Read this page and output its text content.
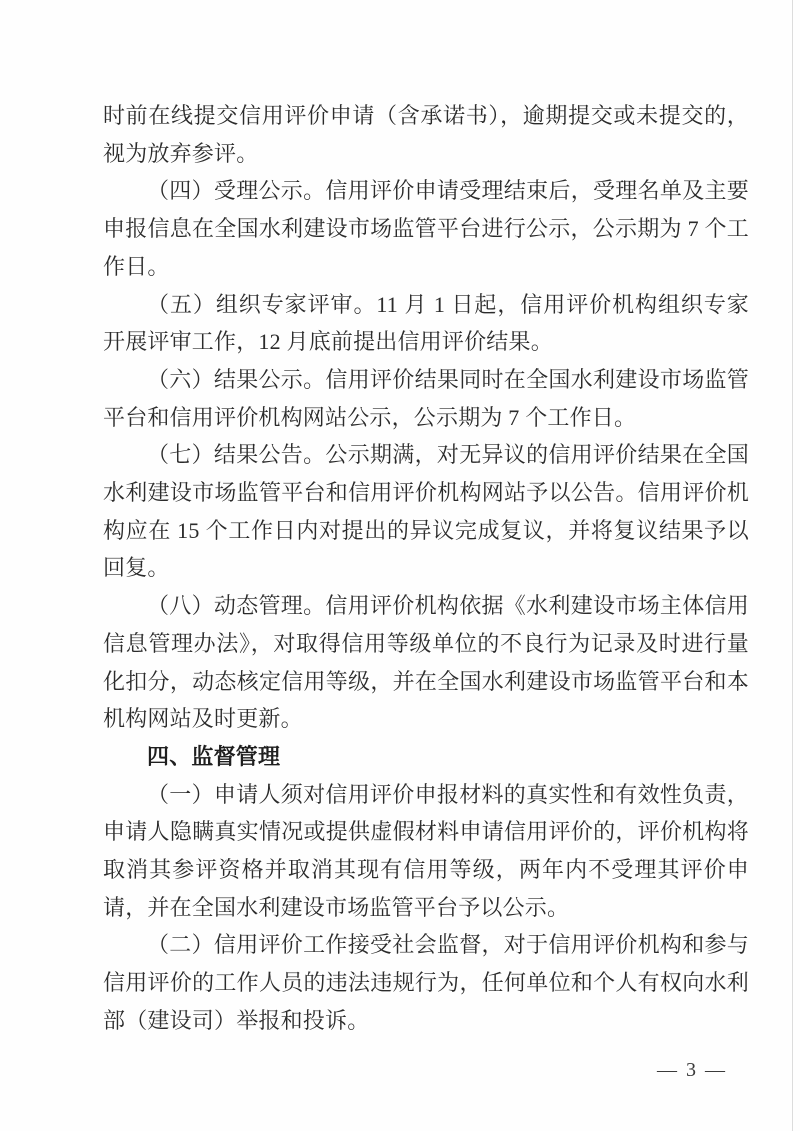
时前在线提交信用评价申请（含承诺书），逾期提交或未提交的，视为放弃参评。

（四）受理公示。信用评价申请受理结束后，受理名单及主要申报信息在全国水利建设市场监管平台进行公示，公示期为 7 个工作日。

（五）组织专家评审。11 月 1 日起，信用评价机构组织专家开展评审工作，12 月底前提出信用评价结果。

（六）结果公示。信用评价结果同时在全国水利建设市场监管平台和信用评价机构网站公示，公示期为 7 个工作日。

（七）结果公告。公示期满，对无异议的信用评价结果在全国水利建设市场监管平台和信用评价机构网站予以公告。信用评价机构应在 15 个工作日内对提出的异议完成复议，并将复议结果予以回复。

（八）动态管理。信用评价机构依据《水利建设市场主体信用信息管理办法》，对取得信用等级单位的不良行为记录及时进行量化扣分，动态核定信用等级，并在全国水利建设市场监管平台和本机构网站及时更新。

四、监督管理

（一）申请人须对信用评价申报材料的真实性和有效性负责，申请人隐瞒真实情况或提供虚假材料申请信用评价的，评价机构将取消其参评资格并取消其现有信用等级，两年内不受理其评价申请，并在全国水利建设市场监管平台予以公示。

（二）信用评价工作接受社会监督，对于信用评价机构和参与信用评价的工作人员的违法违规行为，任何单位和个人有权向水利部（建设司）举报和投诉。

— 3 —
